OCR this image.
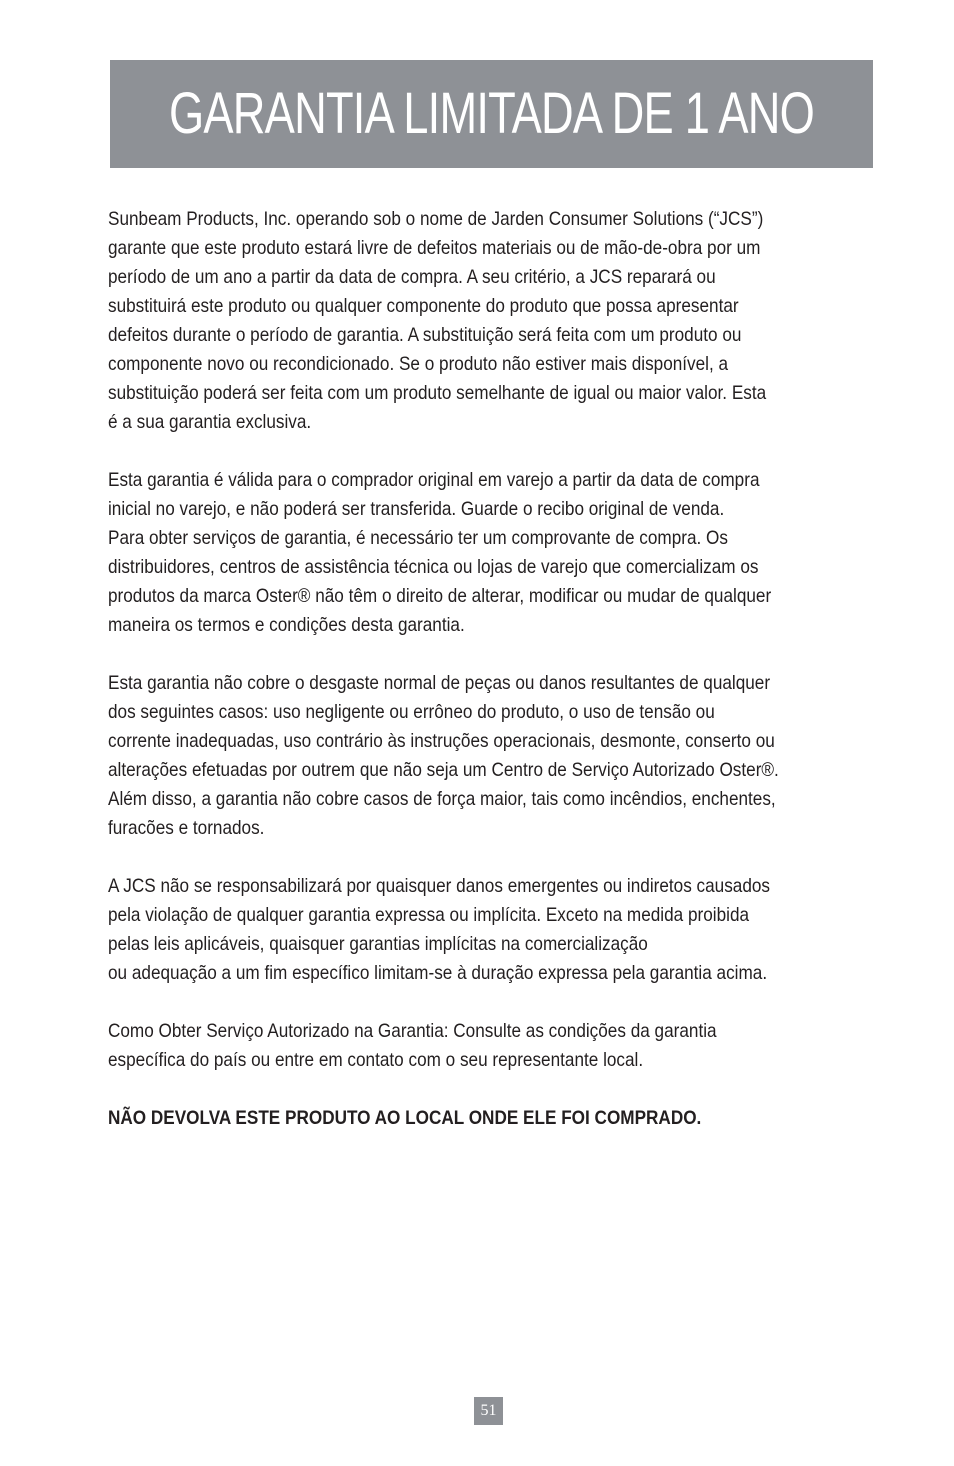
GARANTIA LIMITADA DE 1 ANO

Sunbeam Products, Inc. operando sob o nome de Jarden Consumer Solutions (“JCS”)

garante que este produto estará livre de defeitos materiais ou de mão-de-obra por um

período de um ano a partir da data de compra. A seu critério, a JCS reparará ou

substituirá este produto ou qualquer componente do produto que possa apresentar

defeitos durante o período de garantia. A substituição será feita com um produto ou

componente novo ou recondicionado. Se o produto não estiver mais disponível, a

substituição poderá ser feita com um produto semelhante de igual ou maior valor. Esta

é a sua garantia exclusiva.

Esta garantia é válida para o comprador original em varejo a partir da data de compra

inicial no varejo, e não poderá ser transferida. Guarde o recibo original de venda.

Para obter serviços de garantia, é necessário ter um comprovante de compra. Os

distribuidores, centros de assistência técnica ou lojas de varejo que comercializam os

produtos da marca Oster® não têm o direito de alterar, modificar ou mudar de qualquer

maneira os termos e condições desta garantia.

Esta garantia não cobre o desgaste normal de peças ou danos resultantes de qualquer

dos seguintes casos: uso negligente ou errôneo do produto, o uso de tensão ou

corrente inadequadas, uso contrário às instruções operacionais, desmonte, conserto ou

alterações efetuadas por outrem que não seja um Centro de Serviço Autorizado Oster®.

Além disso, a garantia não cobre casos de força maior, tais como incêndios, enchentes,

furacões e tornados.

A JCS não se responsabilizará por quaisquer danos emergentes ou indiretos causados

pela violação de qualquer garantia expressa ou implícita. Exceto na medida proibida

pelas leis aplicáveis, quaisquer garantias implícitas na comercialização

ou adequação a um fim específico limitam-se à duração expressa pela garantia acima.

Como Obter Serviço Autorizado na Garantia: Consulte as condições da garantia

específica do país ou entre em contato com o seu representante local.

NÃO DEVOLVA ESTE PRODUTO AO LOCAL ONDE ELE FOI COMPRADO.

51
